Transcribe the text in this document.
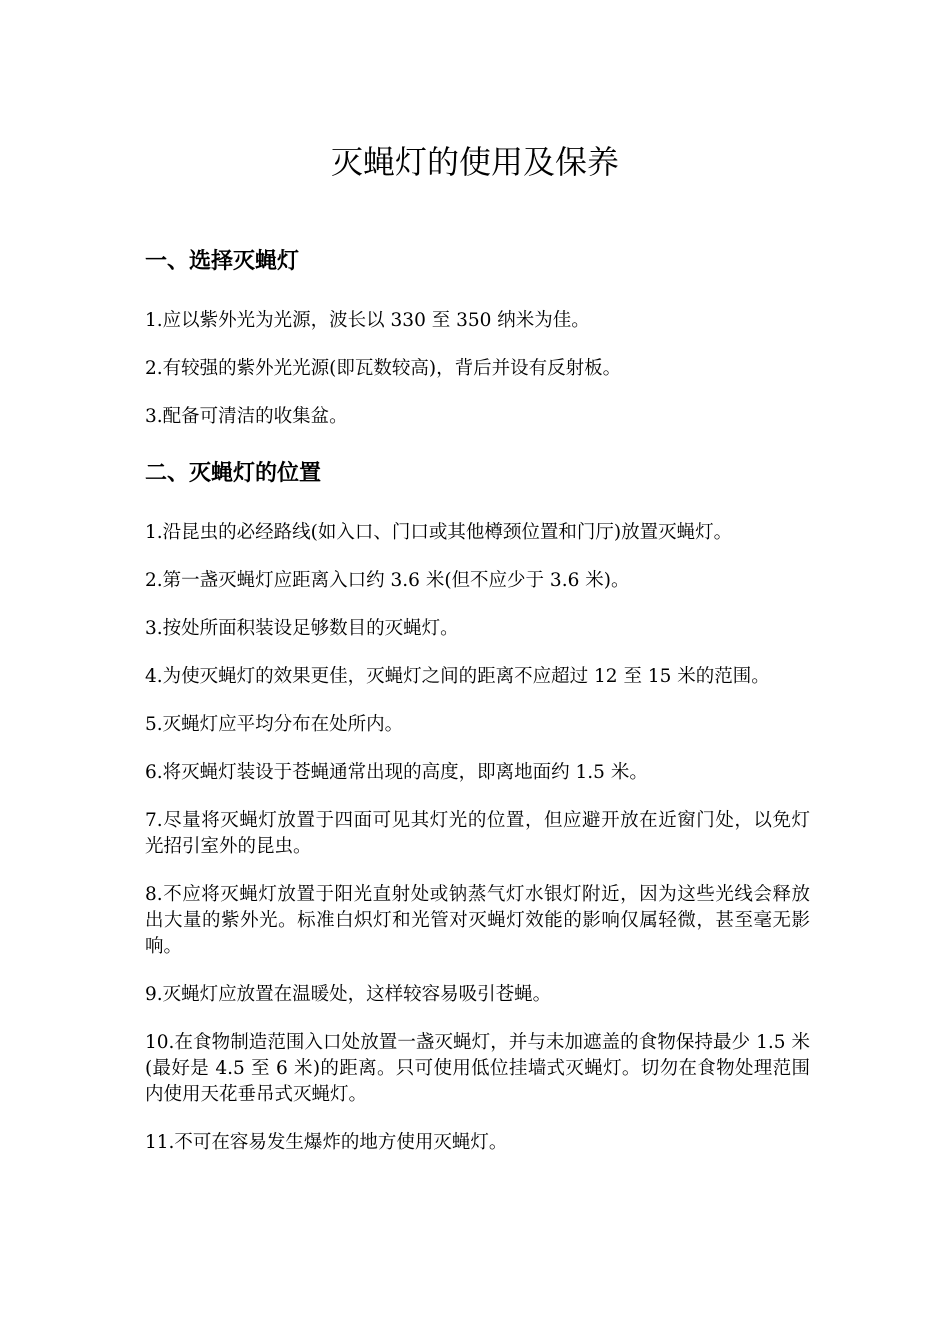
灭蝇灯的使用及保养
一、选择灭蝇灯

1.应以紫外光为光源，波长以 330 至 350 纳米为佳。

2.有较强的紫外光光源(即瓦数较高)，背后并设有反射板。

3.配备可清洁的收集盆。

二、灭蝇灯的位置

1.沿昆虫的必经路线(如入口、门口或其他樽颈位置和门厅)放置灭蝇灯。

2.第一盏灭蝇灯应距离入口约 3.6 米(但不应少于 3.6 米)。

3.按处所面积装设足够数目的灭蝇灯。

4.为使灭蝇灯的效果更佳，灭蝇灯之间的距离不应超过 12 至 15 米的范围。

5.灭蝇灯应平均分布在处所内。

6.将灭蝇灯装设于苍蝇通常出现的高度，即离地面约 1.5 米。

7.尽量将灭蝇灯放置于四面可见其灯光的位置，但应避开放在近窗门处，以免灯光招引室外的昆虫。

8.不应将灭蝇灯放置于阳光直射处或钠蒸气灯水银灯附近，因为这些光线会释放出大量的紫外光。标准白炽灯和光管对灭蝇灯效能的影响仅属轻微，甚至毫无影响。

9.灭蝇灯应放置在温暖处，这样较容易吸引苍蝇。

10.在食物制造范围入口处放置一盏灭蝇灯，并与未加遮盖的食物保持最少 1.5 米(最好是 4.5 至 6 米)的距离。只可使用低位挂墙式灭蝇灯。切勿在食物处理范围内使用天花垂吊式灭蝇灯。

11.不可在容易发生爆炸的地方使用灭蝇灯。
